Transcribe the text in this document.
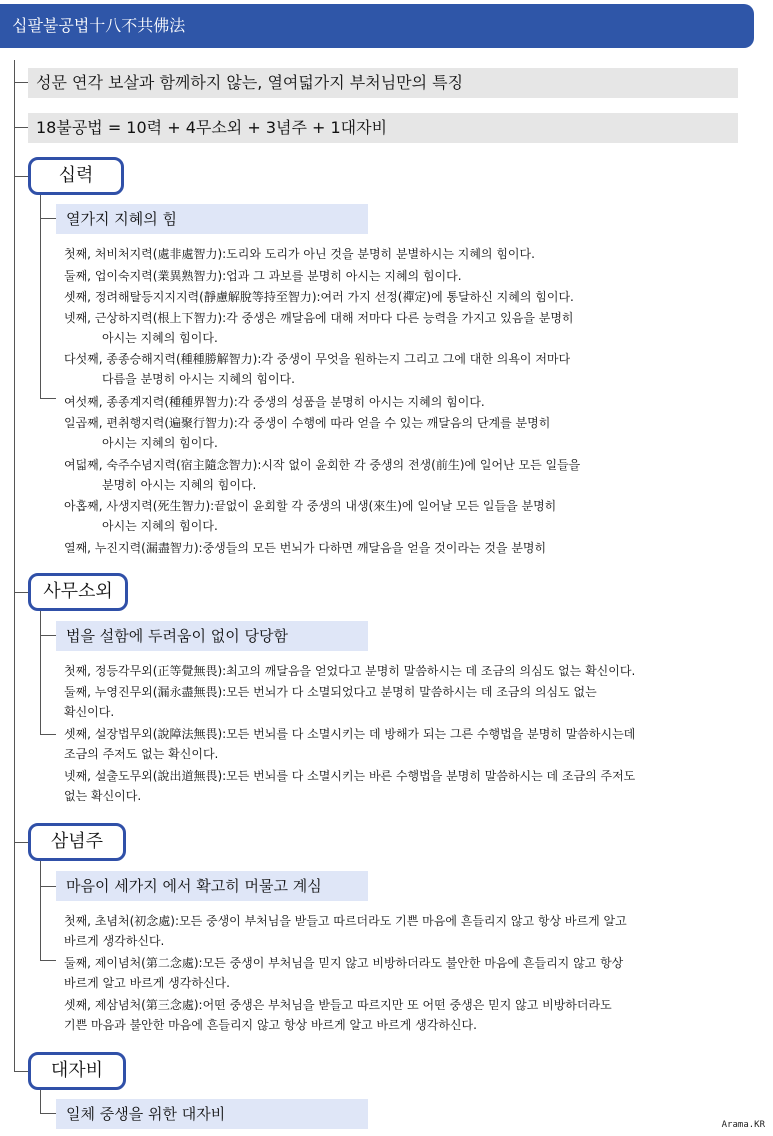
십팔불공법十八不共佛法
성문 연각 보살과 함께하지 않는, 열여덟가지 부처님만의 특징
18불공법 = 10력 + 4무소외 + 3념주 + 1대자비
십력
열가지 지혜의 힘

첫째, 처비처지력(處非處智力):도리와 도리가 아닌 것을 분명히 분별하시는 지혜의 힘이다.

둘째, 업이숙지력(業異熟智力):업과 그 과보를 분명히 아시는 지혜의 힘이다.

셋째, 정려해탈등지지지력(靜慮解脫等持至智力):여러 가지 선정(禪定)에 통달하신 지혜의 힘이다.

넷째, 근상하지력(根上下智力):각 중생은 깨달음에 대해 저마다 다른 능력을 가지고 있음을 분명히
아시는 지혜의 힘이다.

다섯째, 종종승해지력(種種勝解智力):각 중생이 무엇을 원하는지 그리고 그에 대한 의욕이 저마다
다름을 분명히 아시는 지혜의 힘이다.

여섯째, 종종계지력(種種界智力):각 중생의 성품을 분명히 아시는 지혜의 힘이다.

일곱째, 편취행지력(遍聚行智力):각 중생이 수행에 따라 얻을 수 있는 깨달음의 단계를 분명히
아시는 지혜의 힘이다.

여덟째, 숙주수념지력(宿主隨念智力):시작 없이 윤회한 각 중생의 전생(前生)에 일어난 모든 일들을
분명히 아시는 지혜의 힘이다.

아홉째, 사생지력(死生智力):끝없이 윤회할 각 중생의 내생(來生)에 일어날 모든 일들을 분명히
아시는 지혜의 힘이다.

열째, 누진지력(漏盡智力):중생들의 모든 번뇌가 다하면 깨달음을 얻을 것이라는 것을 분명히

사무소외
법을 설함에 두려움이 없이 당당함

첫째, 정등각무외(正等覺無畏):최고의 깨달음을 얻었다고 분명히 말씀하시는 데 조금의 의심도 없는 확신이다.

둘째, 누영진무외(漏永盡無畏):모든 번뇌가 다 소멸되었다고 분명히 말씀하시는 데 조금의 의심도 없는
확신이다.

셋째, 설장법무외(說障法無畏):모든 번뇌를 다 소멸시키는 데 방해가 되는 그른 수행법을 분명히 말씀하시는데
조금의 주저도 없는 확신이다.

넷째, 설출도무외(說出道無畏):모든 번뇌를 다 소멸시키는 바른 수행법을 분명히 말씀하시는 데 조금의 주저도
없는 확신이다.

삼념주
마음이 세가지 에서 확고히 머물고 계심

첫째, 초념처(初念處):모든 중생이 부처님을 받들고 따르더라도 기쁜 마음에 흔들리지 않고 항상 바르게 알고
바르게 생각하신다.

둘째, 제이념처(第二念處):모든 중생이 부처님을 믿지 않고 비방하더라도 불안한 마음에 흔들리지 않고 항상
바르게 알고 바르게 생각하신다.

셋째, 제삼념처(第三念處):어떤 중생은 부처님을 받들고 따르지만 또 어떤 중생은 믿지 않고 비방하더라도
기쁜 마음과 불안한 마음에 흔들리지 않고 항상 바르게 알고 바르게 생각하신다.

대자비
일체 중생을 위한 대자비
Arama.KR
